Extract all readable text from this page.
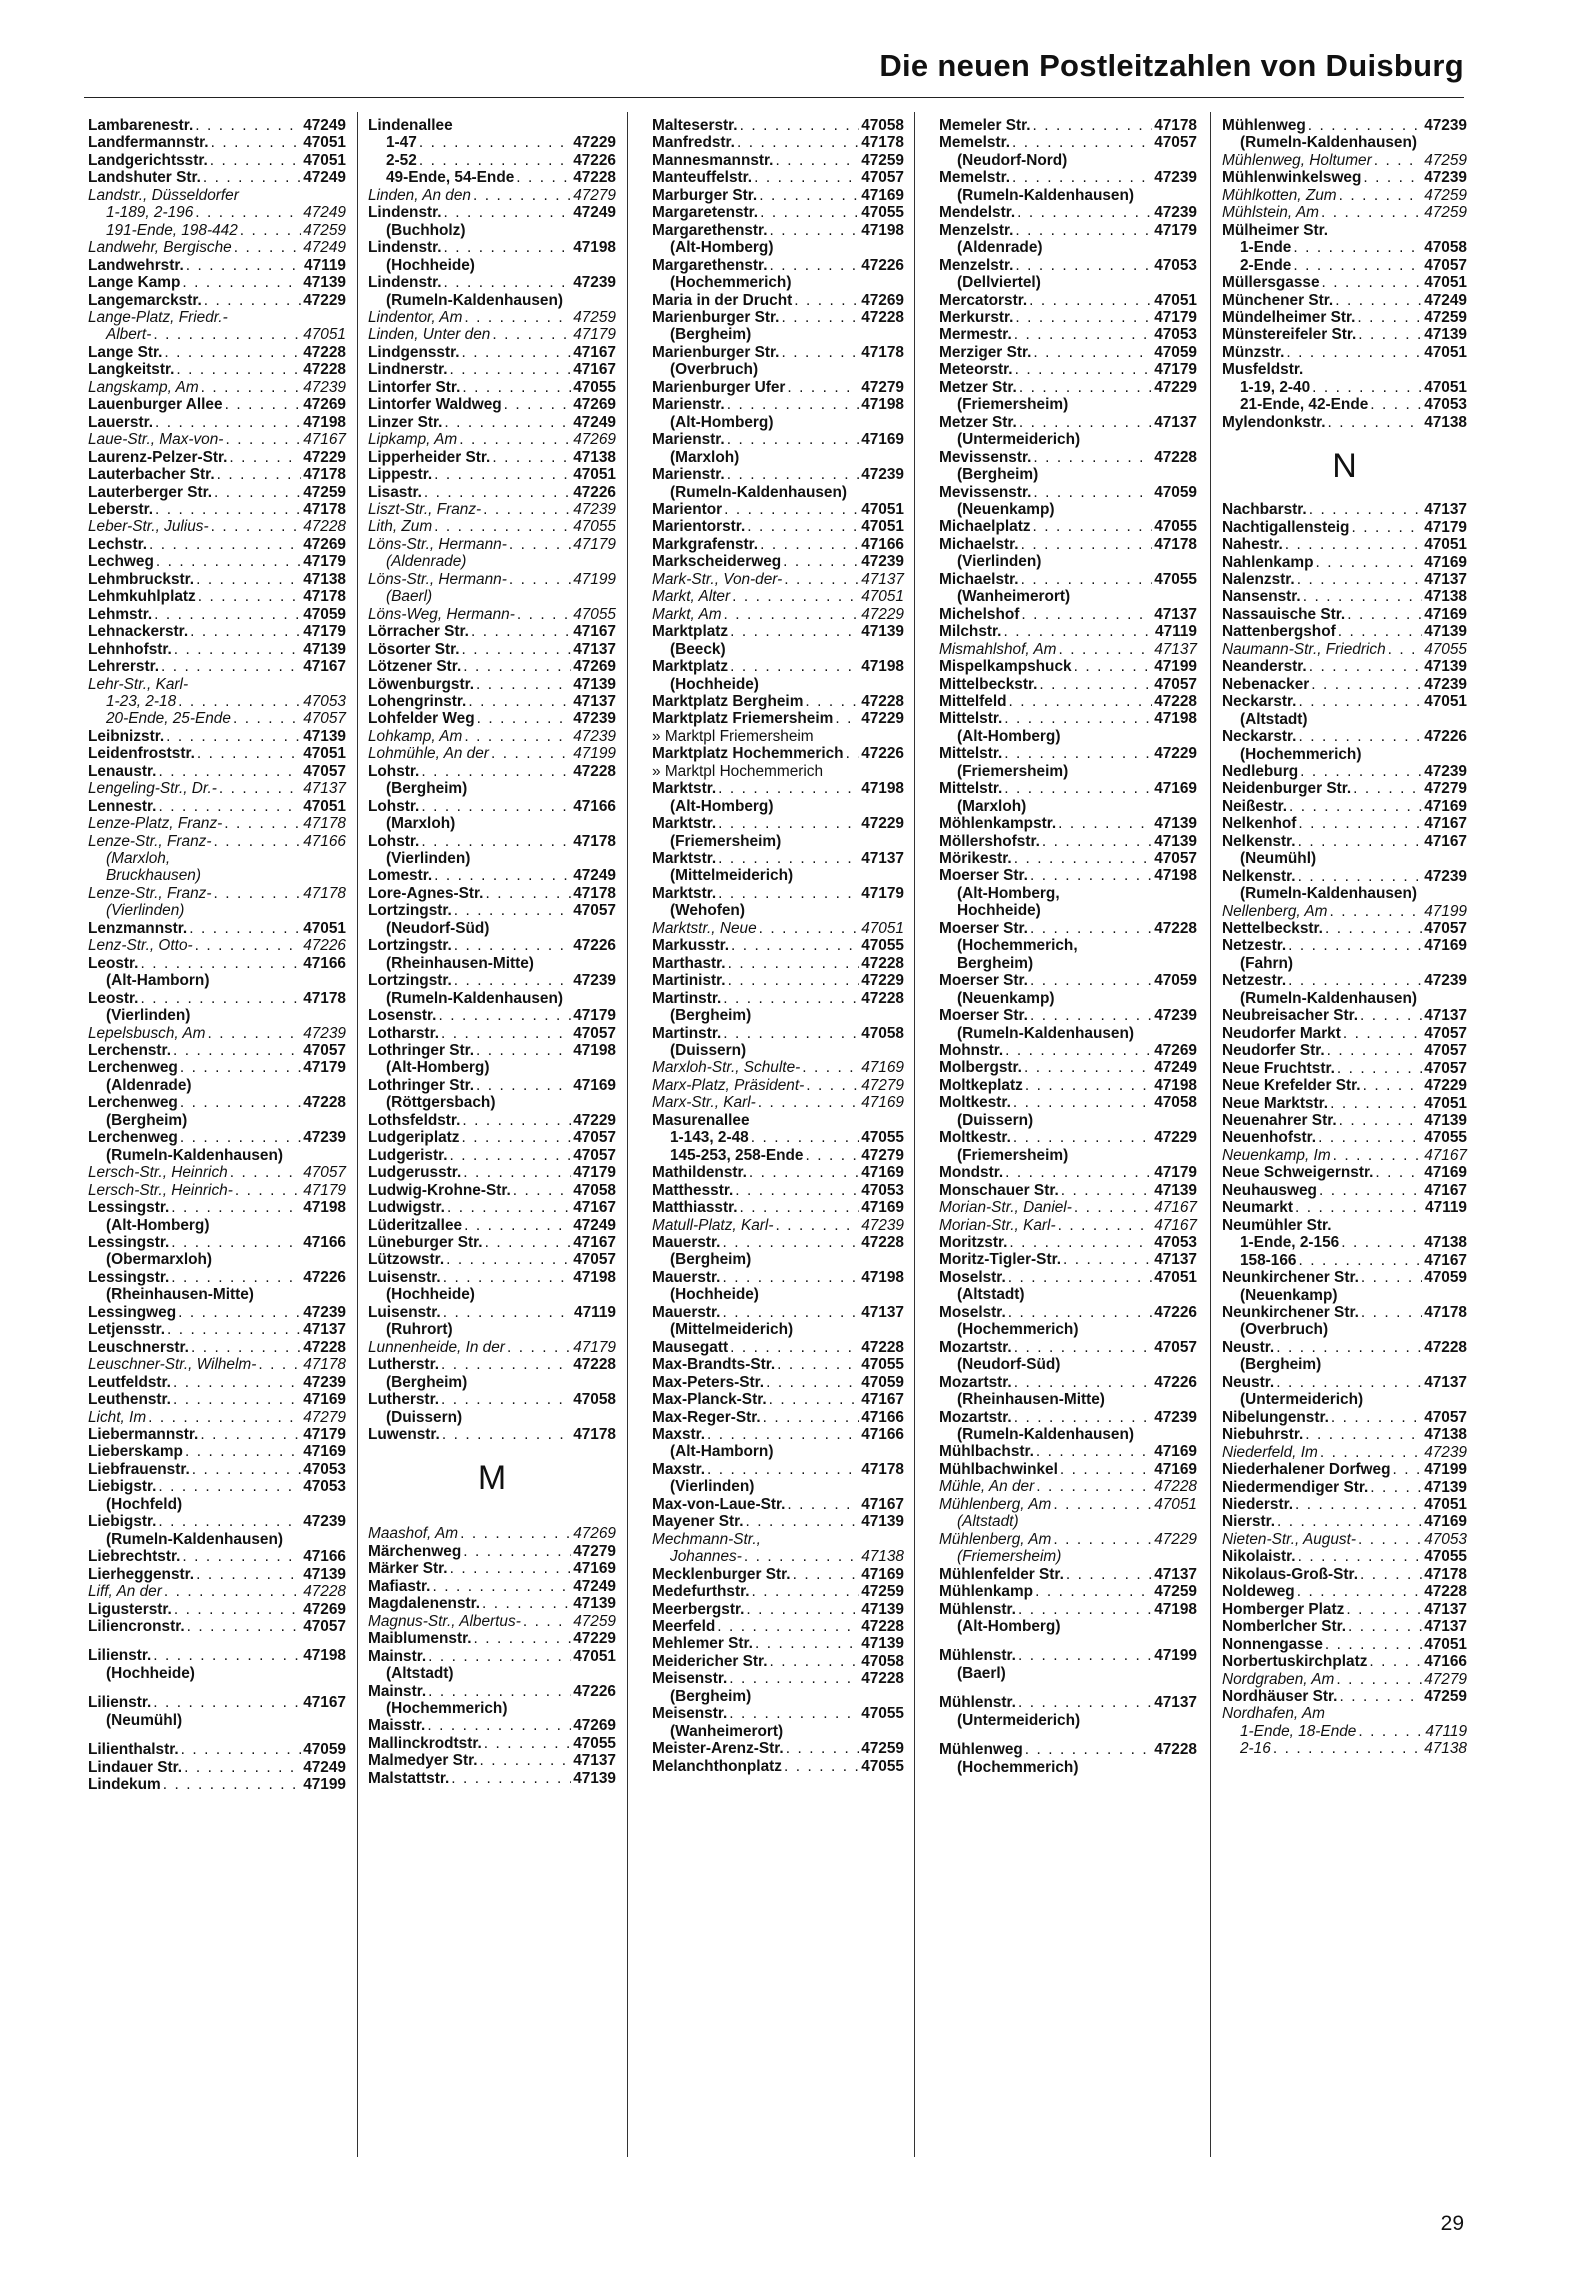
Die neuen Postleitzahlen von Duisburg
Lambarenestr. . . .	47249
Landfermannstr. . . .	47051
Landgerichtsstr. . . .	47051
Landshuter Str. . . .	47249
Landstr., Düsseldorfer
1-189, 2-196 . . .	47249
191-Ende, 198-442 . . .	47259
Landwehr, Bergische . . .	47249
Landwehrstr. . . .	47119
Lange Kamp . . .	47139
Langemarckstr. . . .	47229
Lange-Platz, Friedr.-
Albert- . . .	47051
Lange Str. . . .	47228
Langkeitstr. . . .	47228
Langskamp, Am . . .	47239
Lauenburger Allee . . .	47269
Lauerstr. . . .	47198
Laue-Str., Max-von- . . .	47167
Laurenz-Pelzer-Str. . . .	47229
Lauterbacher Str. . . .	47178
Lauterberger Str. . . .	47259
Leberstr. . . .	47178
Leber-Str., Julius- . . .	47228
Lechstr. . . .	47269
Lechweg . . .	47179
Lehmbruckstr. . . .	47138
Lehmkuhlplatz . . .	47178
Lehmstr. . . .	47059
Lehnackerstr. . . .	47179
Lehnhofstr. . . .	47139
Lehrerstr. . . .	47167
Lehr-Str., Karl-
1-23, 2-18 . . .	47053
20-Ende, 25-Ende . . .	47057
Leibnizstr. . . .	47139
Leidenfroststr. . . .	47051
Lenaustr. . . .	47057
Lengeling-Str., Dr.- . . .	47137
Lennestr. . . .	47051
Lenze-Platz, Franz- . . .	47178
Lenze-Str., Franz- . . .	47166
(Marxloh,
Bruckhausen)
Lenze-Str., Franz- . . .	47178
(Vierlinden)
Lenzmannstr. . . .	47051
Lenz-Str., Otto- . . .	47226
Leostr. . . .	47166
(Alt-Hamborn)
Leostr. . . .	47178
(Vierlinden)
Lepelsbusch, Am . . .	47239
Lerchenstr. . . .	47057
Lerchenweg . . .	47179
(Aldenrade)
Lerchenweg . . .	47228
(Bergheim)
Lerchenweg . . .	47239
(Rumeln-Kaldenhausen)
Lersch-Str., Heinrich . . .	47057
Lersch-Str., Heinrich- . . .	47179
Lessingstr. . . .	47198
(Alt-Homberg)
Lessingstr. . . .	47166
(Obermarxloh)
Lessingstr. . . .	47226
(Rheinhausen-Mitte)
Lessingweg . . .	47239
Letjensstr. . . .	47137
Leuschnerstr. . . .	47228
Leuschner-Str., Wilhelm- . . .	47178
Leutfeldstr. . . .	47239
Leuthenstr. . . .	47169
Licht, Im . . .	47279
Liebermannstr. . . .	47179
Lieberskamp . . .	47169
Liebfrauenstr. . . .	47053
Liebigstr. . . .	47053
(Hochfeld)
Liebigstr. . . .	47239
(Rumeln-Kaldenhausen)
Liebrechtstr. . . .	47166
Lierheggenstr. . . .	47139
Liff, An der . . .	47228
Ligusterstr. . . .	47269
Liliencronstr. . . .	47057
Lilienstr. . . .	47198
(Hochheide)
Lilienstr. . . .	47167
(Neumühl)
Lilienthalstr. . . .	47059
Lindauer Str. . . .	47249
Lindekum . . .	47199
Lindenallee
1-47 . . .	47229
2-52 . . .	47226
49-Ende, 54-Ende . . .	47228
Linden, An den . . .	47279
Lindenstr. . . .	47249
(Buchholz)
Lindenstr. . . .	47198
(Hochheide)
Lindenstr. . . .	47239
(Rumeln-Kaldenhausen)
Lindentor, Am . . .	47259
Linden, Unter den . . .	47179
Lindgensstr. . . .	47167
Lindnerstr. . . .	47167
Lintorfer Str. . . .	47055
Lintorfer Waldweg . . .	47269
Linzer Str. . . .	47249
Lipkamp, Am . . .	47269
Lipperheider Str. . . .	47138
Lippestr. . . .	47051
Lisastr. . . .	47226
Liszt-Str., Franz- . . .	47239
Lith, Zum . . .	47055
Löns-Str., Hermann- . . .	47179
(Aldenrade)
Löns-Str., Hermann- . . .	47199
(Baerl)
Löns-Weg, Hermann- . . .	47055
Lörracher Str. . . .	47167
Lösorter Str. . . .	47137
Lötzener Str. . . .	47269
Löwenburgstr. . . .	47139
Lohengrinstr. . . .	47137
Lohfelder Weg . . .	47239
Lohkamp, Am . . .	47239
Lohmühle, An der . . .	47199
Lohstr. . . .	47228
(Bergheim)
Lohstr. . . .	47166
(Marxloh)
Lohstr. . . .	47178
(Vierlinden)
Lomestr. . . .	47249
Lore-Agnes-Str. . . .	47178
Lortzingstr. . . .	47057
(Neudorf-Süd)
Lortzingstr. . . .	47226
(Rheinhausen-Mitte)
Lortzingstr. . . .	47239
(Rumeln-Kaldenhausen)
Losenstr. . . .	47179
Lotharstr. . . .	47057
Lothringer Str. . . .	47198
(Alt-Homberg)
Lothringer Str. . . .	47169
(Röttgersbach)
Lothsfeldstr. . . .	47229
Ludgeriplatz . . .	47057
Ludgeristr. . . .	47057
Ludgerusstr. . . .	47179
Ludwig-Krohne-Str. . . .	47058
Ludwigstr. . . .	47167
Lüderitzallee . . .	47249
Lüneburger Str. . . .	47167
Lützowstr. . . .	47057
Luisenstr. . . .	47198
(Hochheide)
Luisenstr. . . .	47119
(Ruhrort)
Lunnenheide, In der . . .	47179
Lutherstr. . . .	47228
(Bergheim)
Lutherstr. . . .	47058
(Duissern)
Luwenstr. . . .	47178
M
Maashof, Am . . .	47269
Märchenweg . . .	47279
Märker Str. . . .	47169
Mafiastr. . . .	47249
Magdalenenstr. . . .	47139
Magnus-Str., Albertus- . . .	47259
Maiblumenstr. . . .	47229
Mainstr. . . .	47051
(Altstadt)
Mainstr. . . .	47226
(Hochemmerich)
Maisstr. . . .	47269
Mallinckrodtstr. . . .	47055
Malmedyer Str. . . .	47137
Malstattstr. . . .	47139
Malteserstr. . . .	47058
Manfredstr. . . .	47178
Mannesmannstr. . . .	47259
Manteuffelstr. . . .	47057
Marburger Str. . . .	47169
Margaretenstr. . . .	47055
Margarethenstr. . . .	47198
(Alt-Homberg)
Margarethenstr. . . .	47226
(Hochemmerich)
Maria in der Drucht . . .	47269
Marienburger Str. . . .	47228
(Bergheim)
Marienburger Str. . . .	47178
(Overbruch)
Marienburger Ufer . . .	47279
Marienstr. . . .	47198
(Alt-Homberg)
Marienstr. . . .	47169
(Marxloh)
Marienstr. . . .	47239
(Rumeln-Kaldenhausen)
Marientor . . .	47051
Marientorstr. . . .	47051
Markgrafenstr. . . .	47166
Markscheiderweg . . .	47239
Mark-Str., Von-der- . . .	47137
Markt, Alter . . .	47051
Markt, Am . . .	47229
Marktplatz . . .	47139
(Beeck)
Marktplatz . . .	47198
(Hochheide)
Marktplatz Bergheim . . .	47228
Marktplatz Friemersheim . . . 47229
» Marktpl Friemersheim
Marktplatz Hochemmerich . . . 47226
» Marktpl Hochemmerich
Marktstr. . . .	47198
(Alt-Homberg)
Marktstr. . . .	47229
(Friemersheim)
Marktstr. . . .	47137
(Mittelmeiderich)
Marktstr. . . .	47179
(Wehofen)
Marktstr., Neue . . .	47051
Markusstr. . . .	47055
Marthastr. . . .	47228
Martinistr. . . .	47229
Martinstr. . . .	47228
(Bergheim)
Martinstr. . . .	47058
(Duissern)
Marxloh-Str., Schulte- . . .	47169
Marx-Platz, Präsident- . . .	47279
Marx-Str., Karl- . . .	47169
Masurenallee
1-143, 2-48 . . .	47055
145-253, 258-Ende . . .	47279
Mathildenstr. . . .	47169
Matthesstr. . . .	47053
Matthiasstr. . . .	47169
Matull-Platz, Karl- . . .	47239
Mauerstr. . . .	47228
(Bergheim)
Mauerstr. . . .	47198
(Hochheide)
Mauerstr. . . .	47137
(Mittelmeiderich)
Mausegatt . . .	47228
Max-Brandts-Str. . . .	47055
Max-Peters-Str. . . .	47059
Max-Planck-Str. . . .	47167
Max-Reger-Str. . . .	47166
Maxstr. . . .	47166
(Alt-Hamborn)
Maxstr. . . .	47178
(Vierlinden)
Max-von-Laue-Str. . . .	47167
Mayener Str. . . .	47139
Mechmann-Str.,
Johannes- . . .	47138
Mecklenburger Str. . . .	47169
Medefurthstr. . . .	47259
Meerbergstr. . . .	47139
Meerfeld . . .	47228
Mehlemer Str. . . .	47139
Meidericher Str. . . .	47058
Meisenstr. . . .	47228
(Bergheim)
Meisenstr. . . .	47055
(Wanheimerort)
Meister-Arenz-Str. . . .	47259
Melanchthonplatz . . .	47055
Memeler Str. . . .	47178
Memelstr. . . .	47057
(Neudorf-Nord)
Memelstr. . . .	47239
(Rumeln-Kaldenhausen)
Mendelstr. . . .	47239
Menzelstr. . . .	47179
(Aldenrade)
Menzelstr. . . .	47053
(Dellviertel)
Mercatorstr. . . .	47051
Merkurstr. . . .	47179
Mermestr. . . .	47053
Merziger Str. . . .	47059
Meteorstr. . . .	47179
Metzer Str. . . .	47229
(Friemersheim)
Metzer Str. . . .	47137
(Untermeiderich)
Mevissenstr. . . .	47228
(Bergheim)
Mevissenstr. . . .	47059
(Neuenkamp)
Michaelplatz . . .	47055
Michaelstr. . . .	47178
(Vierlinden)
Michaelstr. . . .	47055
(Wanheimerort)
Michelshof . . .	47137
Milchstr. . . .	47119
Mismahlshof, Am . . .	47137
Mispelkampshuck . . .	47199
Mittelbeckstr. . . .	47057
Mittelfeld . . .	47228
Mittelstr. . . .	47198
(Alt-Homberg)
Mittelstr. . . .	47229
(Friemersheim)
Mittelstr. . . .	47169
(Marxloh)
Möhlenkampstr. . . .	47139
Möllershofstr. . . .	47139
Mörikestr. . . .	47057
Moerser Str. . . .	47198
(Alt-Homberg,
Hochheide)
Moerser Str. . . .	47228
(Hochemmerich,
Bergheim)
Moerser Str. . . .	47059
(Neuenkamp)
Moerser Str. . . .	47239
(Rumeln-Kaldenhausen)
Mohnstr. . . .	47269
Molbergstr. . . .	47249
Moltkeplatz . . .	47198
Moltkestr. . . .	47058
(Duissern)
Moltkestr. . . .	47229
(Friemersheim)
Mondstr. . . .	47179
Monschauer Str. . . .	47139
Morian-Str., Daniel- . . .	47167
Morian-Str., Karl- . . .	47167
Moritzstr. . . .	47053
Moritz-Tigler-Str. . . .	47137
Moselstr. . . .	47051
(Altstadt)
Moselstr. . . .	47226
(Hochemmerich)
Mozartstr. . . .	47057
(Neudorf-Süd)
Mozartstr. . . .	47226
(Rheinhausen-Mitte)
Mozartstr. . . .	47239
(Rumeln-Kaldenhausen)
Mühlbachstr. . . .	47169
Mühlbachwinkel . . .	47169
Mühle, An der . . .	47228
Mühlenberg, Am . . .	47051
(Altstadt)
Mühlenberg, Am . . .	47229
(Friemersheim)
Mühlenfelder Str. . . .	47137
Mühlenkamp . . .	47259
Mühlenstr. . . .	47198
(Alt-Homberg)
Mühlenstr. . . .	47199
(Baerl)
Mühlenstr. . . .	47137
(Untermeiderich)
Mühlenweg . . .	47228
(Hochemmerich)
Mühlenweg . . .	47239
(Rumeln-Kaldenhausen)
Mühlenweg, Holtumer . . .	47259
Mühlenwinkelsweg . . .	47239
Mühlkotten, Zum . . .	47259
Mühlstein, Am . . .	47259
Mülheimer Str.
1-Ende . . .	47058
2-Ende . . .	47057
Müllersgasse . . .	47051
Münchener Str. . . .	47249
Mündelheimer Str. . . .	47259
Münstereifeler Str. . . .	47139
Münzstr. . . .	47051
Musfeldstr.
1-19, 2-40 . . .	47051
21-Ende, 42-Ende . . .	47053
Mylendonkstr. . . .	47138
N
Nachbarstr. . . .	47137
Nachtigallensteig . . .	47179
Nahestr. . . .	47051
Nahlenkamp . . .	47169
Nalenzstr. . . .	47137
Nansenstr. . . .	47138
Nassauische Str. . . .	47169
Nattenbergshof . . .	47139
Naumann-Str., Friedrich . . .	47055
Neanderstr. . . .	47139
Nebenacker . . .	47239
Neckarstr. . . .	47051
(Altstadt)
Neckarstr. . . .	47226
(Hochemmerich)
Nedleburg . . .	47239
Neidenburger Str. . . .	47279
Neißestr. . . .	47169
Nelkenhof . . .	47167
Nelkenstr. . . .	47167
(Neumühl)
Nelkenstr. . . .	47239
(Rumeln-Kaldenhausen)
Nellenberg, Am . . .	47199
Nettelbeckstr. . . .	47057
Netzestr. . . .	47169
(Fahrn)
Netzestr. . . .	47239
(Rumeln-Kaldenhausen)
Neubreisacher Str. . . .	47137
Neudorfer Markt . . .	47057
Neudorfer Str. . . .	47057
Neue Fruchtstr. . . .	47057
Neue Krefelder Str. . . .	47229
Neue Marktstr. . . .	47051
Neuenahrer Str. . . .	47139
Neuenhofstr. . . .	47055
Neuenkamp, Im . . .	47167
Neue Schweigernstr. . . .	47169
Neuhausweg . . .	47167
Neumarkt . . .	47119
Neumühler Str.
1-Ende, 2-156 . . .	47138
158-166 . . .	47167
Neunkirchener Str. . . .	47059
(Neuenkamp)
Neunkirchener Str. . . .	47178
(Overbruch)
Neustr. . . .	47228
(Bergheim)
Neustr. . . .	47137
(Untermeiderich)
Nibelungenstr. . . .	47057
Niebuhrstr. . . .	47138
Niederfeld, Im . . .	47239
Niederhalener Dorfweg . . . 47199
Niedermendiger Str. . . .	47139
Niederstr. . . .	47051
Nierstr. . . .	47169
Nieten-Str., August- . . .	47053
Nikolaistr. . . .	47055
Nikolaus-Groß-Str. . . .	47178
Noldeweg . . .	47228
Homberger Platz . . .	47137
Nomberlcher Str. . . .	47137
Nonnengasse . . .	47051
Norbertuskirchplatz . . .	47166
Nordgraben, Am . . .	47279
Nordhäuser Str. . . .	47259
Nordhafen, Am
1-Ende, 18-Ende . . .	47119
2-16 . . .	47138
29
